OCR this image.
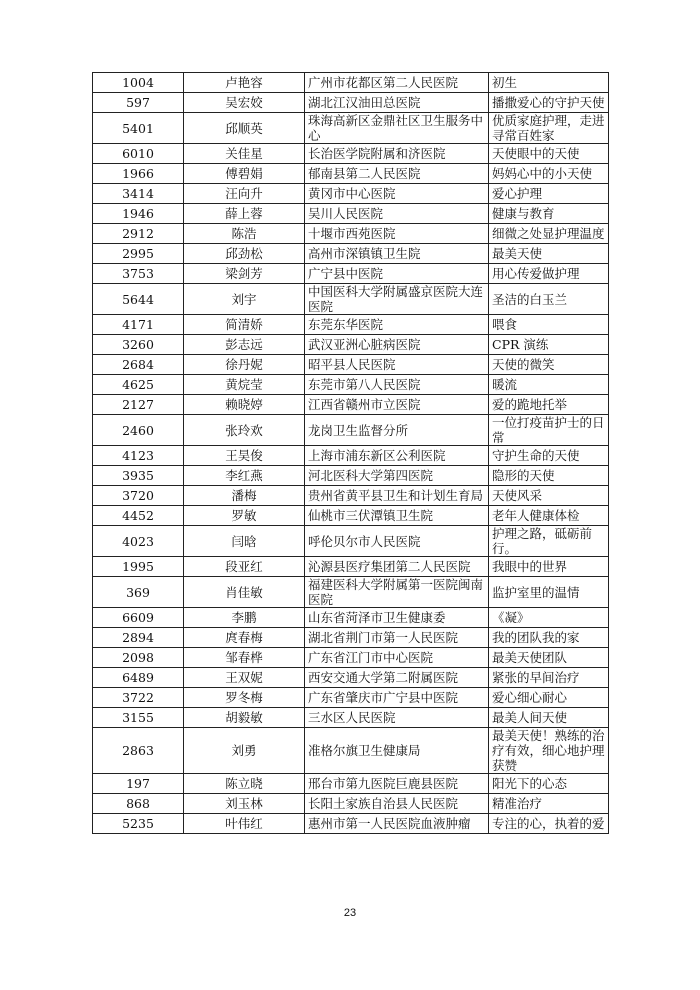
1004	卢艳容	广州市花都区第二人民医院	初生
597	吴宏姣	湖北江汉油田总医院	播撒爱心的守护天使
5401	邱顺英	珠海高新区金鼎社区卫生服务中心	优质家庭护理，走进寻常百姓家
6010	关佳星	长治医学院附属和济医院	天使眼中的天使
1966	傅碧娟	郁南县第二人民医院	妈妈心中的小天使
3414	汪向升	黄冈市中心医院	爱心护理
1946	薛上蓉	吴川人民医院	健康与教育
2912	陈浩	十堰市西苑医院	细微之处显护理温度
2995	邱劲松	高州市深镇镇卫生院	最美天使
3753	梁剑芳	广宁县中医院	用心传爱做护理
5644	刘宇	中国医科大学附属盛京医院大连医院	圣洁的白玉兰
4171	简清娇	东莞东华医院	喂食
3260	彭志远	武汉亚洲心脏病医院	CPR 演练
2684	徐丹妮	昭平县人民医院	天使的微笑
4625	黄烷莹	东莞市第八人民医院	暖流
2127	赖晓婷	江西省赣州市立医院	爱的跪地托举
2460	张玲欢	龙岗卫生监督分所	一位打疫苗护士的日常
4123	王昊俊	上海市浦东新区公利医院	守护生命的天使
3935	李红燕	河北医科大学第四医院	隐形的天使
3720	潘梅	贵州省黄平县卫生和计划生育局	天使风采
4452	罗敏	仙桃市三伏潭镇卫生院	老年人健康体检
4023	闫晗	呼伦贝尔市人民医院	护理之路，砥砺前行。
1995	段亚红	沁源县医疗集团第二人民医院	我眼中的世界
369	肖佳敏	福建医科大学附属第一医院闽南医院	监护室里的温情
6609	李鹏	山东省菏泽市卫生健康委	《凝》
2894	庹春梅	湖北省荆门市第一人民医院	我的团队我的家
2098	邹春桦	广东省江门市中心医院	最美天使团队
6489	王双妮	西安交通大学第二附属医院	紧张的早间治疗
3722	罗冬梅	广东省肇庆市广宁县中医院	爱心细心耐心
3155	胡毅敏	三水区人民医院	最美人间天使
2863	刘勇	准格尔旗卫生健康局	最美天使！熟练的治疗有效，细心地护理获赞
197	陈立晓	邢台市第九医院巨鹿县医院	阳光下的心态
868	刘玉林	长阳土家族自治县人民医院	精准治疗
5235	叶伟红	惠州市第一人民医院血液肿瘤	专注的心，执着的爱
23
